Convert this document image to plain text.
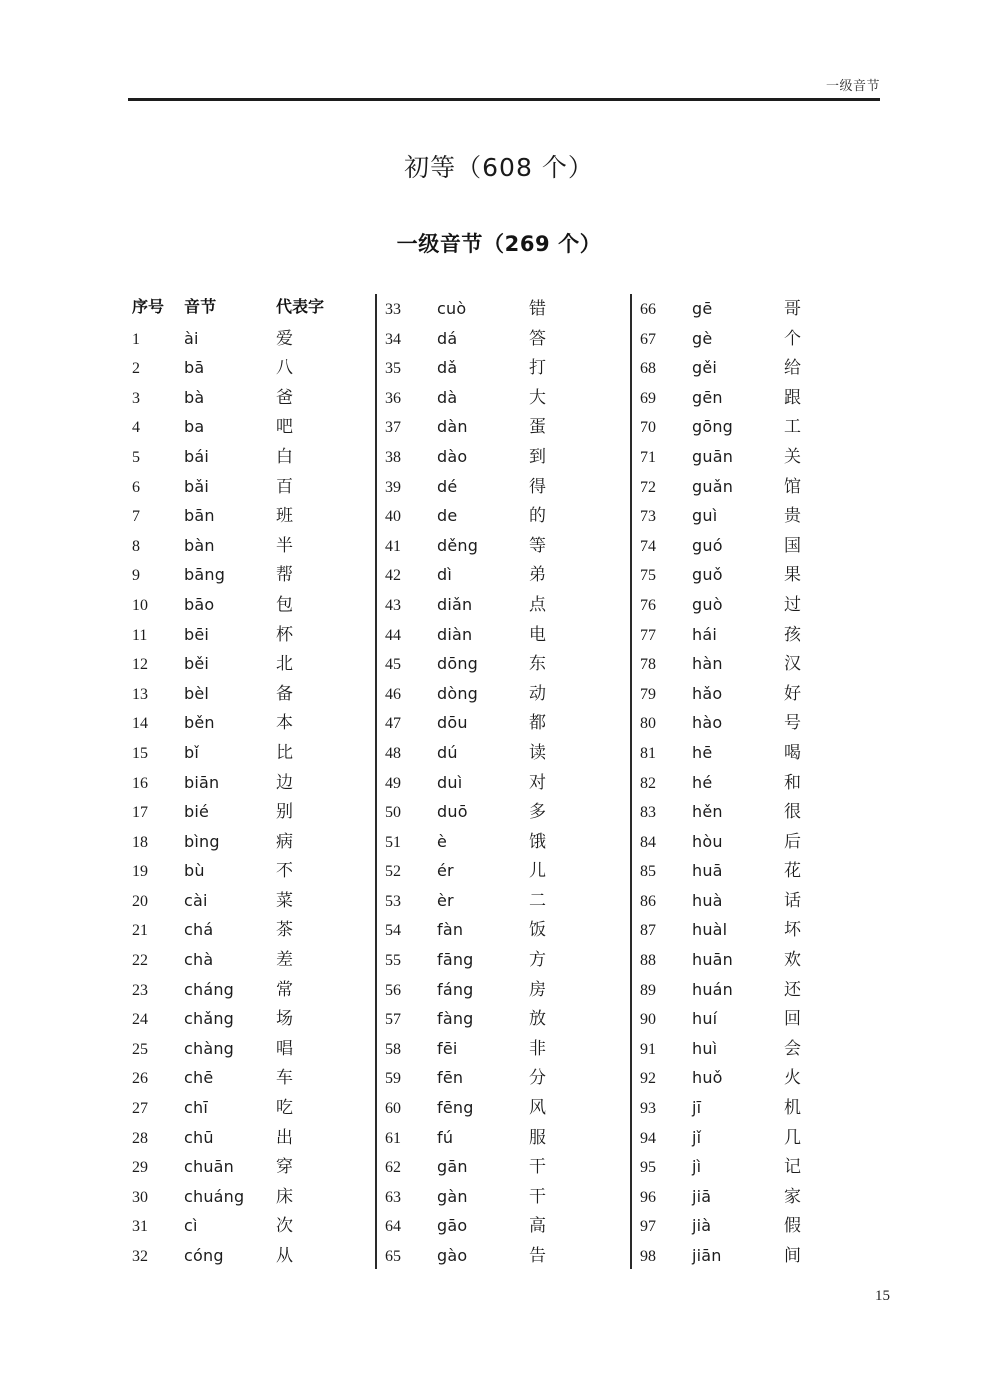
一级音节
初等（608 个）
一级音节（269 个）
序号	音节	代表字
1	ài	爱
2	bā	八
3	bà	爸
4	ba	吧
5	bái	白
6	bǎi	百
7	bān	班
8	bàn	半
9	bāng	帮
10	bāo	包
11	bēi	杯
12	běi	北
13	bèl	备
14	běn	本
15	bǐ	比
16	biān	边
17	bié	别
18	bìng	病
19	bù	不
20	cài	菜
21	chá	茶
22	chà	差
23	cháng	常
24	chǎng	场
25	chàng	唱
26	chē	车
27	chī	吃
28	chū	出
29	chuān	穿
30	chuáng	床
31	cì	次
32	cóng	从
33	cuò	错
34	dá	答
35	dǎ	打
36	dà	大
37	dàn	蛋
38	dào	到
39	dé	得
40	de	的
41	děng	等
42	dì	弟
43	diǎn	点
44	diàn	电
45	dōng	东
46	dòng	动
47	dōu	都
48	dú	读
49	duì	对
50	duō	多
51	è	饿
52	ér	儿
53	èr	二
54	fàn	饭
55	fāng	方
56	fáng	房
57	fàng	放
58	fēi	非
59	fēn	分
60	fēng	风
61	fú	服
62	gān	干
63	gàn	干
64	gāo	高
65	gào	告
66	gē	哥
67	gè	个
68	gěi	给
69	gēn	跟
70	gōng	工
71	guān	关
72	guǎn	馆
73	guì	贵
74	guó	国
75	guǒ	果
76	guò	过
77	hái	孩
78	hàn	汉
79	hǎo	好
80	hào	号
81	hē	喝
82	hé	和
83	hěn	很
84	hòu	后
85	huā	花
86	huà	话
87	huàl	坏
88	huān	欢
89	huán	还
90	huí	回
91	huì	会
92	huǒ	火
93	jī	机
94	jǐ	几
95	jì	记
96	jiā	家
97	jià	假
98	jiān	间
15
